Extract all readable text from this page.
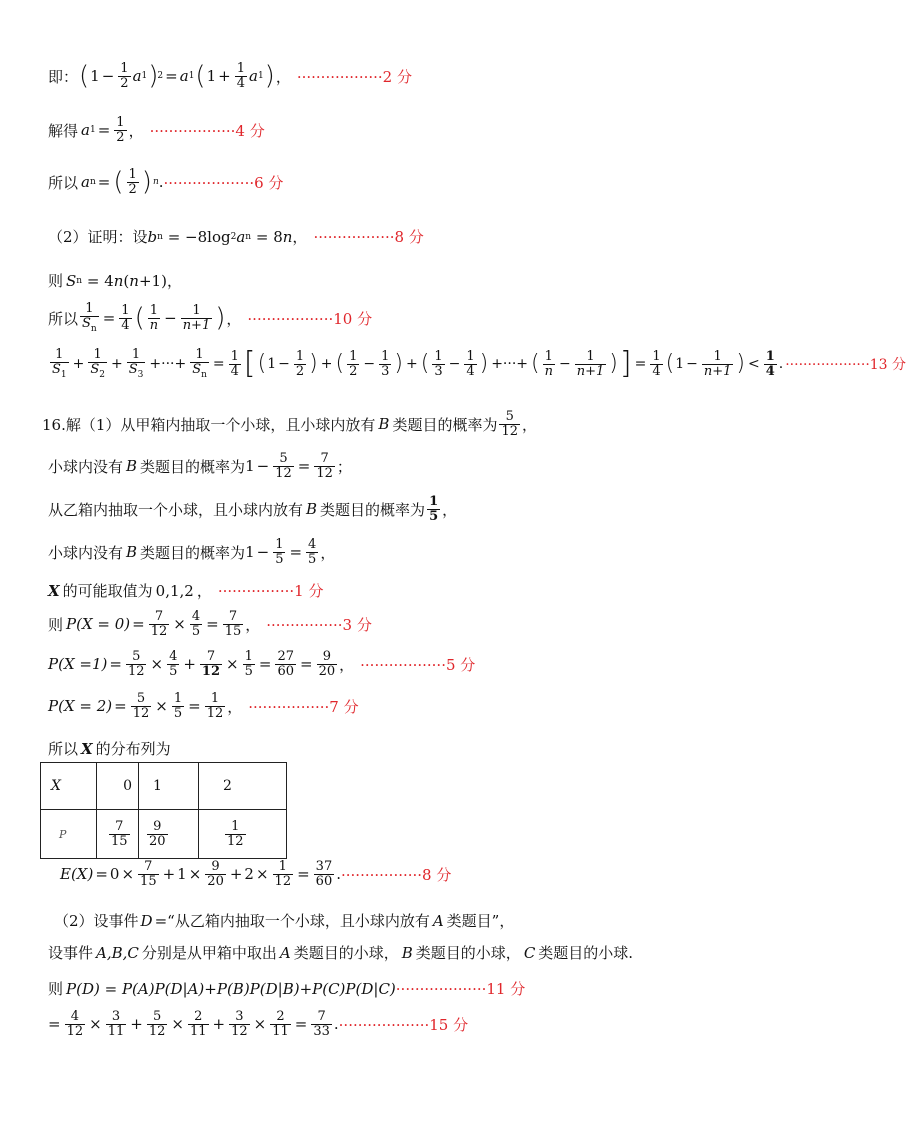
即： ( $1 - \frac{1}{2}$ a 1 ) 2 = a 1 ( $1 + \frac{1}{4}$ a 1 ) ， ··················2 分
解得 a $1 = \frac{1}{2}$ ， ··················4 分
所以 a n = ( $\frac{1}{2}$ ) n . ···················6 分
（2）证明：设 b n = −8log 2 a n = 8 n ， ·················8 分
则 S n = 4 n ( n +1 ) ，
所以 $\frac{1}{S_n} = \frac{1}{4}$ ( $\frac{1}{n} - \frac{1}{n+1}$ ) ， ··················10 分
$\frac{1}{S_1} + \frac{1}{S_2} + \frac{1}{S_3}$ +···+ $\frac{1}{S_n} = \frac{1}{4}$ [ ( $1 - \frac{1}{2}$ ) + ( $\frac{1}{2} - \frac{1}{3}$ ) + ( $\frac{1}{3} - \frac{1}{4}$ ) +···+ ( $\frac{1}{n} - \frac{1}{n+1}$ ) ] = $\frac{1}{4}$ ( $1 - \frac{1}{n+1}$ ) < $\frac{1}{4}$ . ···················13 分
16.解（1）从甲箱内抽取一个小球，且小球内放有 B 类题目的概率为 $\frac{5}{12}$ ，
小球内没有 B 类题目的概率为 $1 - \frac{5}{12} = \frac{7}{12}$ ；
从乙箱内抽取一个小球，且小球内放有 B 类题目的概率为 $\frac{1}{5}$ ，
小球内没有 B 类题目的概率为 $1 - \frac{1}{5} = \frac{4}{5}$ ，
X 的可能取值为 0,1,2 ， ················1 分
则 P $(X = 0) = \frac{7}{12} \times \frac{4}{5} = \frac{7}{15}$ ， ················3 分
P $(X =1) = \frac{5}{12} \times \frac{4}{5} + \frac{7}{12} \times \frac{1}{5} = \frac{27}{60} = \frac{9}{20}$ ， ··················5 分
P $(X = 2) = \frac{5}{12} \times \frac{1}{5} = \frac{1}{12}$ ， ·················7 分
所以 X 的分布列为
X	0	1	2
P	$\frac{7}{15}$	$\frac{9}{20}$	$\frac{1}{12}$
E $(X) = 0 \times \frac{7}{15} + 1 \times \frac{9}{20} + 2 \times \frac{1}{12} = \frac{37}{60}$ . ·················8 分
（2）设事件 D =“从乙箱内抽取一个小球，且小球内放有 A 类题目”，
设事件 A,B,C 分别是从甲箱中取出 A 类题目的小球， B 类题目的小球， C 类题目的小球.
则 P(D) = P(A)P(D|A)+P(B)P(D|B)+P(C)P(D|C) ···················11 分
= $\frac{4}{12} \times \frac{3}{11} + \frac{5}{12} \times \frac{2}{11} + \frac{3}{12} \times \frac{2}{11} = \frac{7}{33}$ . ···················15 分
